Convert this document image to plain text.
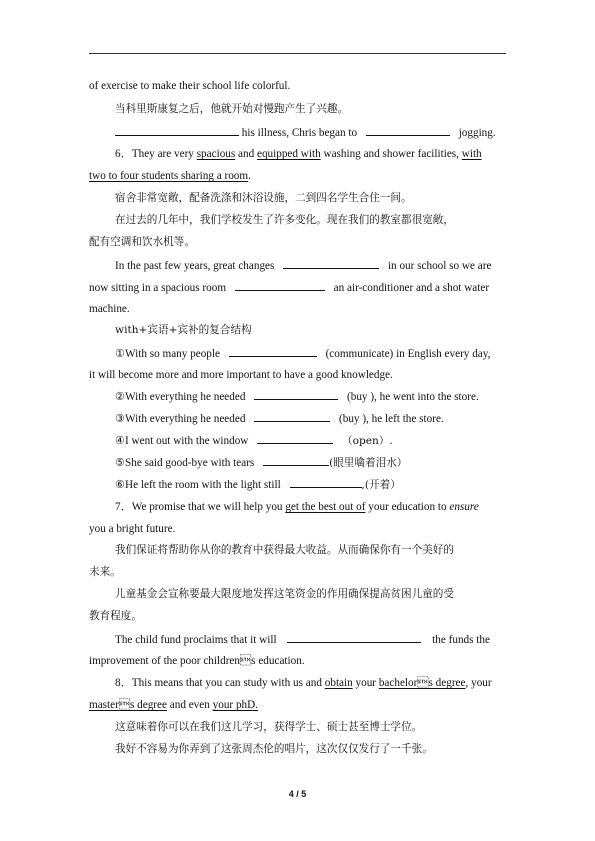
of exercise to make their school life colorful.
当科里斯康复之后，他就开始对慢跑产生了兴趣。
his illness, Chris began to	jogging.
6．They are very spacious and equipped with washing and shower facilities, with
two to four students sharing a room.
宿舍非常宽敞，配备洗涤和沐浴设施，二到四名学生合住一间。
在过去的几年中，我们学校发生了许多变化。现在我们的教室都很宽敞，
配有空调和饮水机等。
In the past few years, great changes	in our school so we are
now sitting in a spacious room	an air-conditioner and a shot water
machine.
with+宾语+宾补的复合结构
①With so many people	(communicate) in English every day,
it will become more and more important to have a good knowledge.
②With everything he needed	(buy ), he went into the store.
③With everything he needed	(buy ), he left the store.
④I went out with the window	（open）.
⑤She said good-bye with tears	(眼里噙着泪水）
⑥He left the room with the light still	,(开着）
7．We promise that we will help you get the best out of your education to ensure
you a bright future.
我们保证将帮助你从你的教育中获得最大收益。从而确保你有一个美好的
未来。
儿童基金会宣称要最大限度地发挥这笔资金的作用确保提高贫困儿童的受
教育程度。
The child fund proclaims that it will	the funds the
improvement of the poor childrens education.
8．This means that you can study with us and obtain your bachelors degree, your
masters degree and even your phD.
这意味着你可以在我们这儿学习，获得学士、硕士甚至博士学位。
我好不容易为你弄到了这张周杰伦的唱片，这次仅仅发行了一千张。
4 / 5
